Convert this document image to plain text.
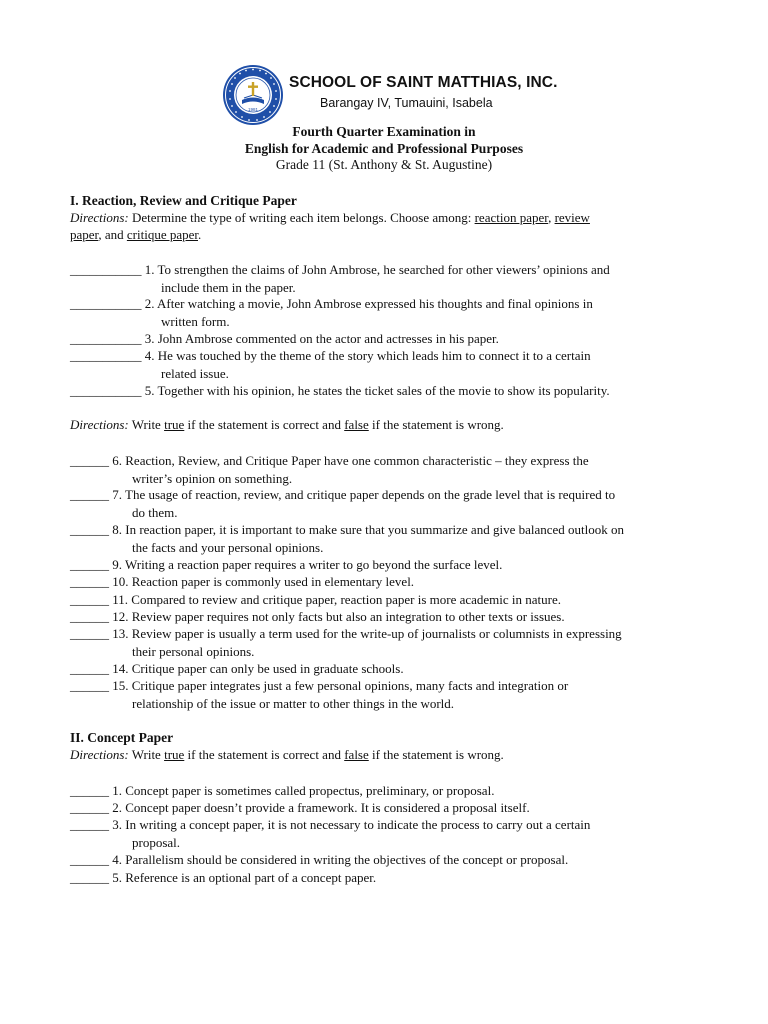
1981
SCHOOL OF SAINT MATTHIAS, INC.
Barangay IV, Tumauini, Isabela
Fourth Quarter Examination in
English for Academic and Professional Purposes
Grade 11 (St. Anthony & St. Augustine)
I. Reaction, Review and Critique Paper
Directions: Determine the type of writing each item belongs. Choose among: reaction paper, review
paper, and critique paper.
___________ 1. To strengthen the claims of John Ambrose, he searched for other viewers’ opinions and
include them in the paper.
___________ 2. After watching a movie, John Ambrose expressed his thoughts and final opinions in
written form.
___________ 3. John Ambrose commented on the actor and actresses in his paper.
___________ 4. He was touched by the theme of the story which leads him to connect it to a certain
related issue.
___________ 5. Together with his opinion, he states the ticket sales of the movie to show its popularity.
Directions: Write true if the statement is correct and false if the statement is wrong.
______ 6. Reaction, Review, and Critique Paper have one common characteristic – they express the
writer’s opinion on something.
______ 7. The usage of reaction, review, and critique paper depends on the grade level that is required to
do them.
______ 8. In reaction paper, it is important to make sure that you summarize and give balanced outlook on
the facts and your personal opinions.
______ 9. Writing a reaction paper requires a writer to go beyond the surface level.
______ 10. Reaction paper is commonly used in elementary level.
______ 11. Compared to review and critique paper, reaction paper is more academic in nature.
______ 12. Review paper requires not only facts but also an integration to other texts or issues.
______ 13. Review paper is usually a term used for the write-up of journalists or columnists in expressing
their personal opinions.
______ 14. Critique paper can only be used in graduate schools.
______ 15. Critique paper integrates just a few personal opinions, many facts and integration or
relationship of the issue or matter to other things in the world.
II. Concept Paper
Directions: Write true if the statement is correct and false if the statement is wrong.
______ 1. Concept paper is sometimes called propectus, preliminary, or proposal.
______ 2. Concept paper doesn’t provide a framework. It is considered a proposal itself.
______ 3. In writing a concept paper, it is not necessary to indicate the process to carry out a certain
proposal.
______ 4. Parallelism should be considered in writing the objectives of the concept or proposal.
______ 5. Reference is an optional part of a concept paper.
